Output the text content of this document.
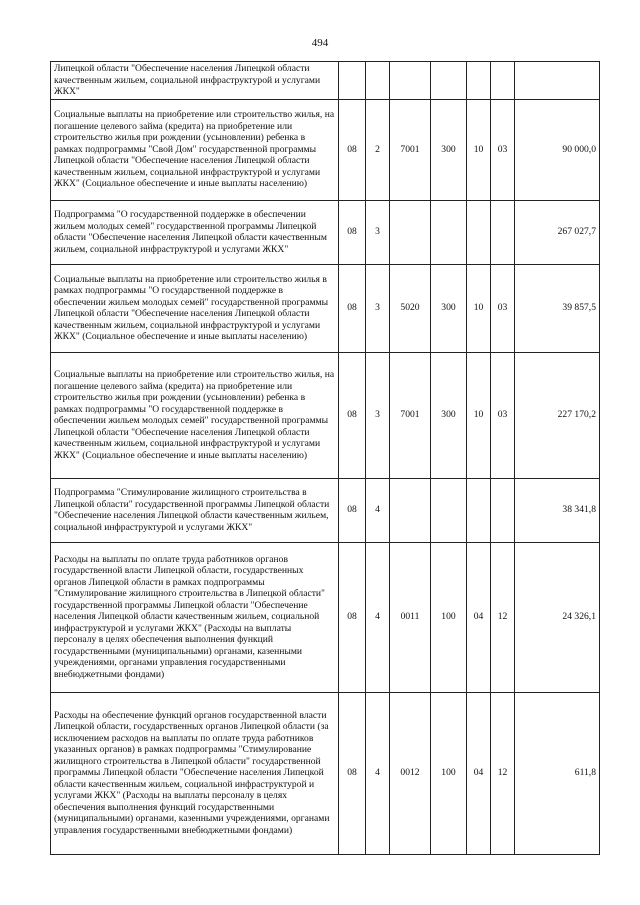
494
Липецкой области "Обеспечение населения Липецкой области качественным жильем, социальной инфраструктурой и услугами ЖКХ"							
Социальные выплаты на приобретение или строительство жилья, на погашение целевого займа (кредита) на приобретение или строительство жилья при рождении (усыновлении) ребенка в рамках подпрограммы "Свой Дом" государственной программы Липецкой области "Обеспечение населения Липецкой области качественным жильем, социальной инфраструктурой и услугами ЖКХ" (Социальное обеспечение и иные выплаты населению)	08	2	7001	300	10	03	90 000,0
Подпрограмма "О государственной поддержке в обеспечении жильем молодых семей" государственной программы Липецкой области "Обеспечение населения Липецкой области качественным жильем, социальной инфраструктурой и услугами ЖКХ"	08	3					267 027,7
Социальные выплаты на приобретение или строительство жилья в рамках подпрограммы "О государственной поддержке в обеспечении жильем молодых семей" государственной программы Липецкой области "Обеспечение населения Липецкой области качественным жильем, социальной инфраструктурой и услугами ЖКХ" (Социальное обеспечение и иные выплаты населению)	08	3	5020	300	10	03	39 857,5
Социальные выплаты на приобретение или строительство жилья, на погашение целевого займа (кредита) на приобретение или строительство жилья при рождении (усыновлении) ребенка в рамках подпрограммы "О государственной поддержке в обеспечении жильем молодых семей" государственной программы Липецкой области "Обеспечение населения Липецкой области качественным жильем, социальной инфраструктурой и услугами ЖКХ" (Социальное обеспечение и иные выплаты населению)	08	3	7001	300	10	03	227 170,2
Подпрограмма "Стимулирование жилищного строительства в Липецкой области" государственной программы Липецкой области "Обеспечение населения Липецкой области качественным жильем, социальной инфраструктурой и услугами ЖКХ"	08	4					38 341,8
Расходы на выплаты по оплате труда работников органов государственной власти Липецкой области, государственных органов Липецкой области в рамках подпрограммы "Стимулирование жилищного строительства в Липецкой области" государственной программы Липецкой области "Обеспечение населения Липецкой области качественным жильем, социальной инфраструктурой и услугами ЖКХ" (Расходы на выплаты персоналу в целях обеспечения выполнения функций государственными (муниципальными) органами, казенными учреждениями, органами управления государственными внебюджетными фондами)	08	4	0011	100	04	12	24 326,1
Расходы на обеспечение функций органов государственной власти Липецкой области, государственных органов Липецкой области (за исключением расходов на выплаты по оплате труда работников указанных органов) в рамках подпрограммы "Стимулирование жилищного строительства в Липецкой области" государственной программы Липецкой области "Обеспечение населения Липецкой области качественным жильем, социальной инфраструктурой и услугами ЖКХ" (Расходы на выплаты персоналу в целях обеспечения выполнения функций государственными (муниципальными) органами, казенными учреждениями, органами управления государственными внебюджетными фондами)	08	4	0012	100	04	12	611,8
